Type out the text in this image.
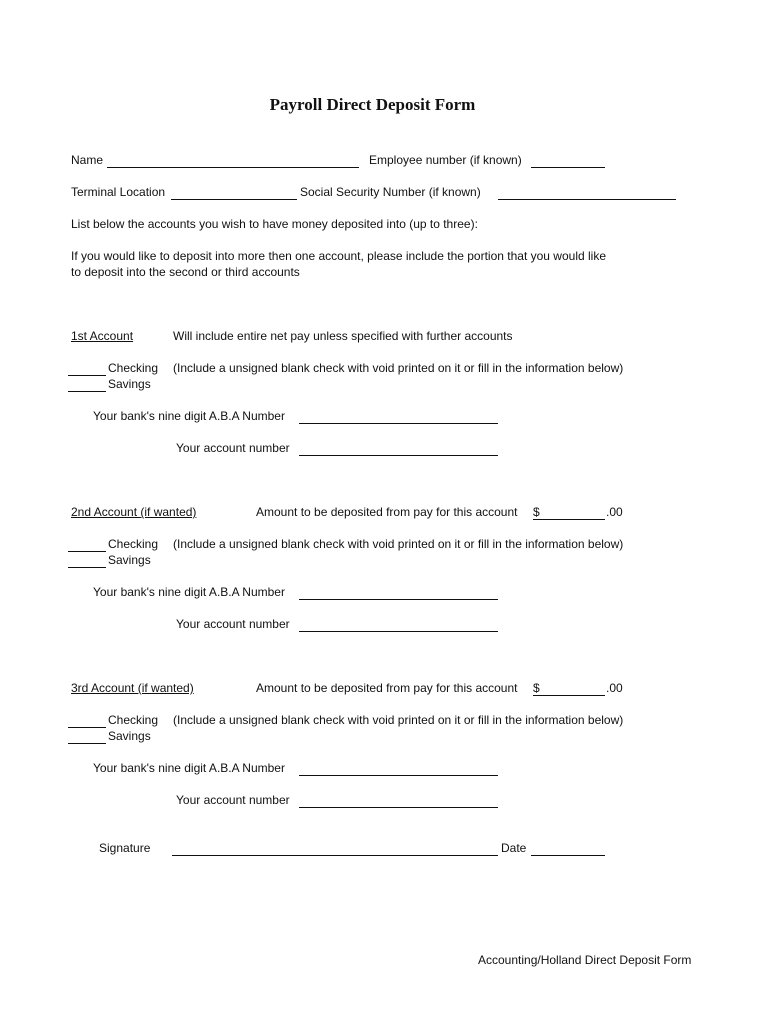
Payroll Direct Deposit Form
Name	Employee number (if known)
Terminal Location	Social Security Number (if known)
List below the accounts you wish to have money deposited into (up to three):
If you would like to deposit into more then one account, please include the portion that you would like
to deposit into the second or third accounts
1st Account	Will include entire net pay unless specified with further accounts
Checking (Include a unsigned blank check with void printed on it or fill in the information below)
Savings
Your bank's nine digit A.B.A Number
Your account number
2nd Account (if wanted)	Amount to be deposited from pay for this account $	.00
Checking (Include a unsigned blank check with void printed on it or fill in the information below)
Savings
Your bank's nine digit A.B.A Number
Your account number
3rd Account (if wanted)	Amount to be deposited from pay for this account $	.00
Checking (Include a unsigned blank check with void printed on it or fill in the information below)
Savings
Your bank's nine digit A.B.A Number
Your account number
Signature	Date
Accounting/Holland Direct Deposit Form
